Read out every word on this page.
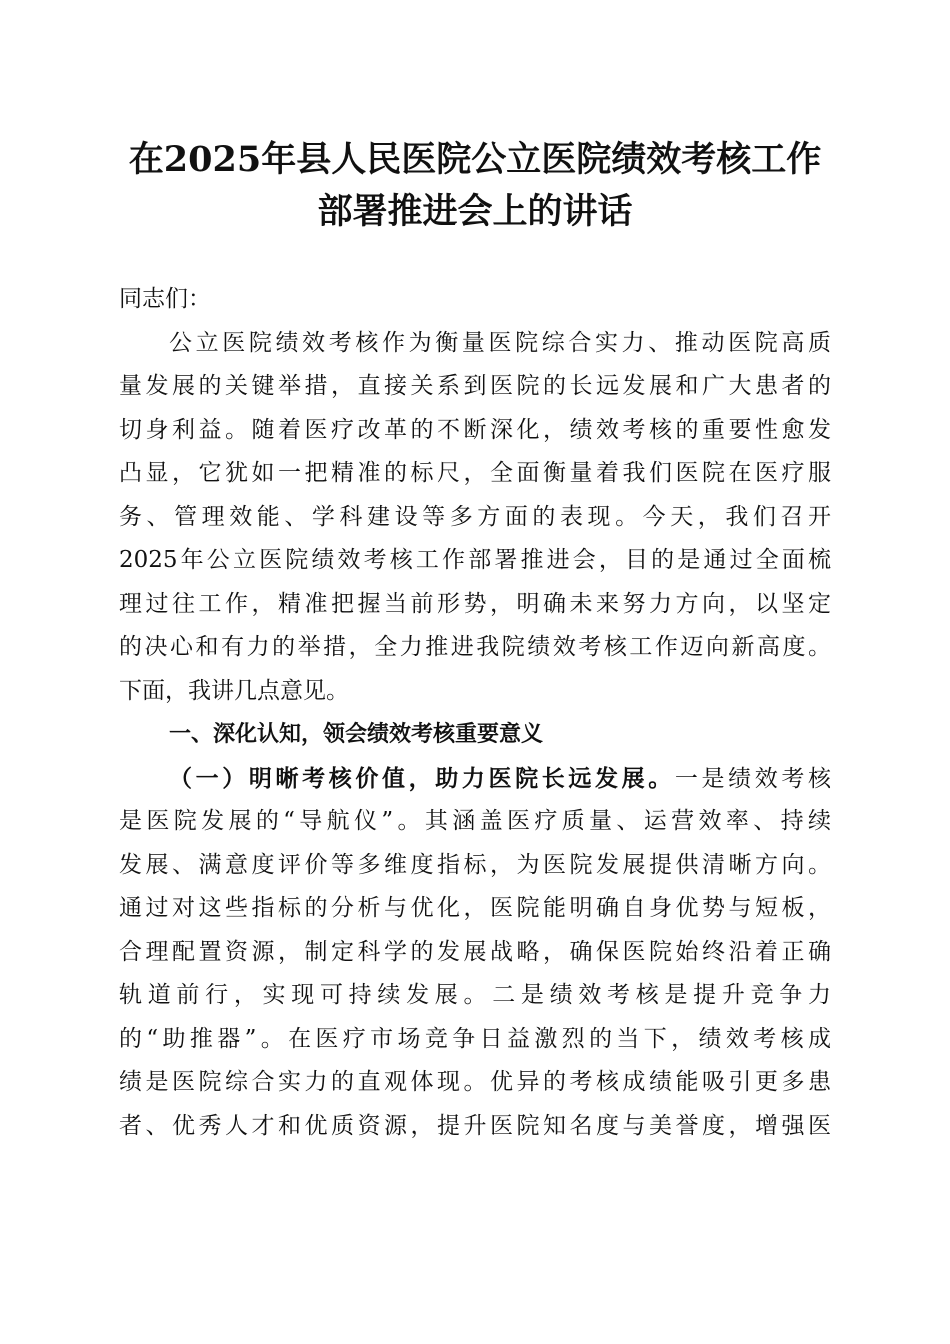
在2025年县人民医院公立医院绩效考核工作
部署推进会上的讲话
同志们：
公立医院绩效考核作为衡量医院综合实力、推动医院高质
量发展的关键举措，直接关系到医院的长远发展和广大患者的
切身利益。随着医疗改革的不断深化，绩效考核的重要性愈发
凸显，它犹如一把精准的标尺，全面衡量着我们医院在医疗服
务、管理效能、学科建设等多方面的表现。今天，我们召开
2025年公立医院绩效考核工作部署推进会，目的是通过全面梳
理过往工作，精准把握当前形势，明确未来努力方向，以坚定
的决心和有力的举措，全力推进我院绩效考核工作迈向新高度。
下面，我讲几点意见。
一、深化认知，领会绩效考核重要意义
（一）明晰考核价值，助力医院长远发展。一是绩效考核
是医院发展的“导航仪”。其涵盖医疗质量、运营效率、持续
发展、满意度评价等多维度指标，为医院发展提供清晰方向。
通过对这些指标的分析与优化，医院能明确自身优势与短板，
合理配置资源，制定科学的发展战略，确保医院始终沿着正确
轨道前行，实现可持续发展。二是绩效考核是提升竞争力
的“助推器”。在医疗市场竞争日益激烈的当下，绩效考核成
绩是医院综合实力的直观体现。优异的考核成绩能吸引更多患
者、优秀人才和优质资源，提升医院知名度与美誉度，增强医
